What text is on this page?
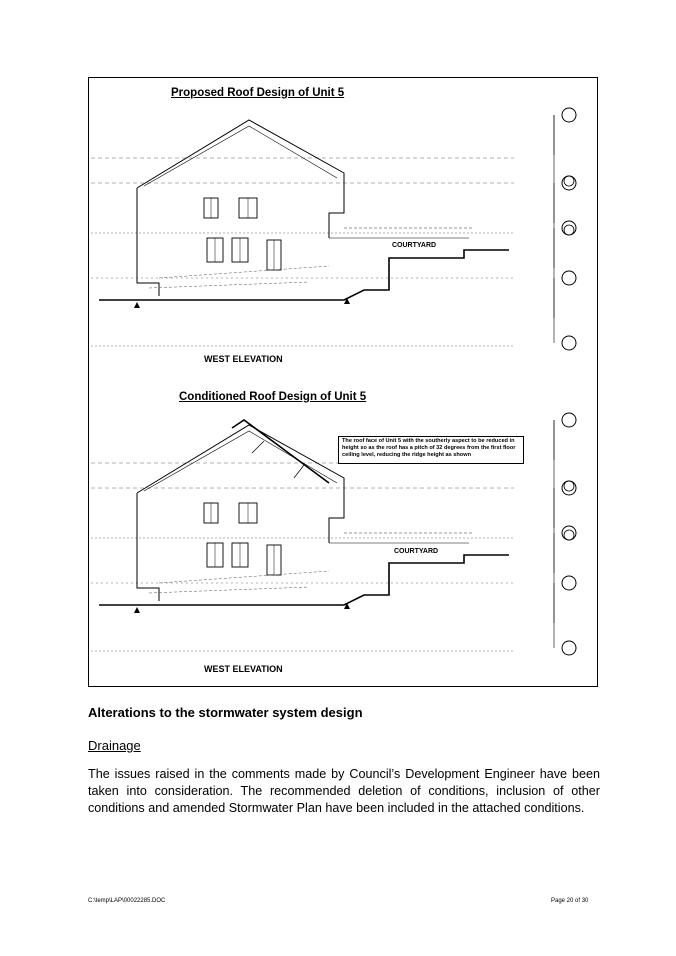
Proposed Roof Design of Unit 5
WEST ELEVATION
COURTYARD
Conditioned Roof Design of Unit 5
The roof face of Unit 5 with the southerly aspect to be reduced in height so as the roof has a pitch of 32 degrees from the first floor ceiling level, reducing the ridge height as shown
COURTYARD
WEST ELEVATION
Alterations to the stormwater system design
Drainage

The issues raised in the comments made by Council’s Development Engineer have been taken into consideration. The recommended deletion of conditions, inclusion of other conditions and amended Stormwater Plan have been included in the attached conditions.

C:\temp\LAP\00022285.DOC	Page 20 of 30
